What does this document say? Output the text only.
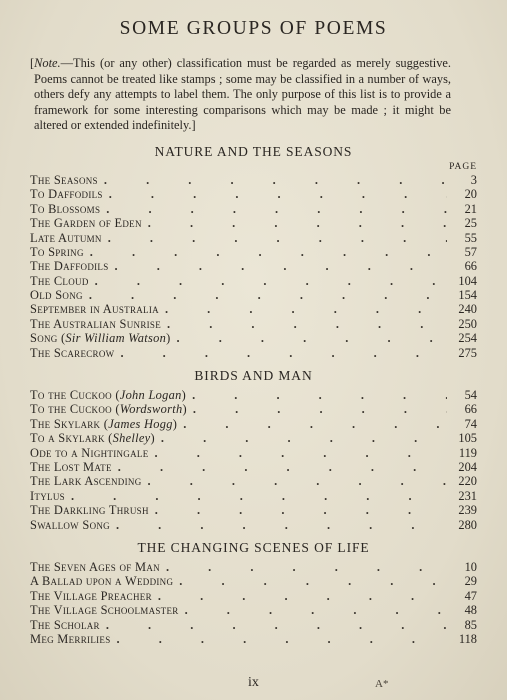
SOME GROUPS OF POEMS

[Note.—This (or any other) classification must be regarded as merely suggestive. Poems cannot be treated like stamps ; some may be classified in a number of ways, others defy any attempts to label them. The only purpose of this list is to provide a framework for some interesting comparisons which may be made ; it might be altered or extended indefinitely.]

NATURE AND THE SEASONS
PAGE
The Seasons . . .	3
To Daffodils . . .	20
To Blossoms . . .	21
The Garden of Eden . . .	25
Late Autumn . . .	55
To Spring . . .	57
The Daffodils . . .	66
The Cloud . . .	104
Old Song . . .	154
September in Australia . . .	240
The Australian Sunrise . . .	250
Song (Sir William Watson) . . .	254
The Scarecrow . . .	275
BIRDS AND MAN
To the Cuckoo (John Logan) . . .	54
To the Cuckoo (Wordsworth) . . .	66
The Skylark (James Hogg) . . .	74
To a Skylark (Shelley) . . .	105
Ode to a Nightingale . . .	119
The Lost Mate . . .	204
The Lark Ascending . . .	220
Itylus . . .	231
The Darkling Thrush . . .	239
Swallow Song . . .	280
THE CHANGING SCENES OF LIFE
The Seven Ages of Man . . .	10
A Ballad upon a Wedding . . .	29
The Village Preacher . . .	47
The Village Schoolmaster . . .	48
The Scholar . . .	85
Meg Merrilies . . .	118
ix	A*
